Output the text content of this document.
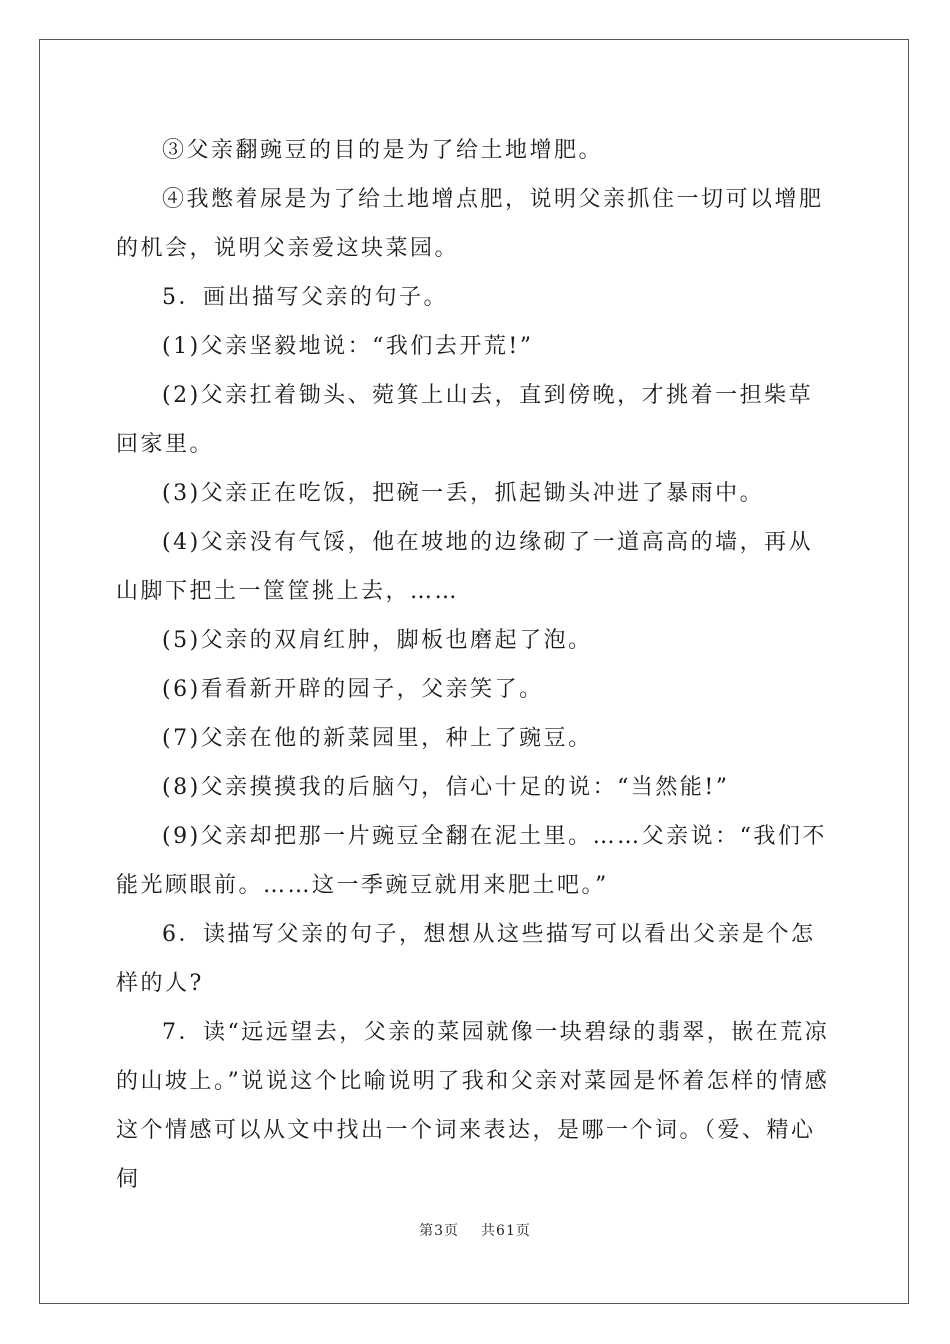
③父亲翻豌豆的目的是为了给土地增肥。

④我憋着尿是为了给土地增点肥，说明父亲抓住一切可以增肥的机会，说明父亲爱这块菜园。

5．画出描写父亲的句子。

(1)父亲坚毅地说：“我们去开荒!”

(2)父亲扛着锄头、菀箕上山去，直到傍晚，才挑着一担柴草回家里。

(3)父亲正在吃饭，把碗一丢，抓起锄头冲进了暴雨中。

(4)父亲没有气馁，他在坡地的边缘砌了一道高高的墙，再从山脚下把土一筐筐挑上去，……

(5)父亲的双肩红肿，脚板也磨起了泡。

(6)看看新开辟的园子，父亲笑了。

(7)父亲在他的新菜园里，种上了豌豆。

(8)父亲摸摸我的后脑勺，信心十足的说：“当然能!”

(9)父亲却把那一片豌豆全翻在泥土里。……父亲说：“我们不能光顾眼前。……这一季豌豆就用来肥土吧。”

6．读描写父亲的句子，想想从这些描写可以看出父亲是个怎样的人?

7．读“远远望去，父亲的菜园就像一块碧绿的翡翠，嵌在荒凉的山坡上。”说说这个比喻说明了我和父亲对菜园是怀着怎样的情感这个情感可以从文中找出一个词来表达，是哪一个词。（爱、精心伺

第3页 共61页
